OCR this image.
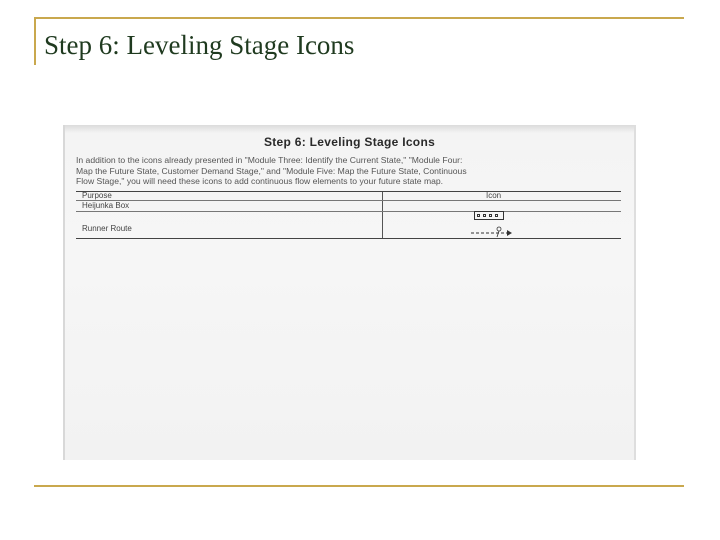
Step 6: Leveling Stage Icons
Step 6: Leveling Stage Icons
In addition to the icons already presented in "Module Three: Identify the Current State," "Module Four:
Map the Future State, Customer Demand Stage," and "Module Five: Map the Future State, Continuous
Flow Stage," you will need these icons to add continuous flow elements to your future state map.
Purpose	Icon
Heijunka Box
Runner Route
